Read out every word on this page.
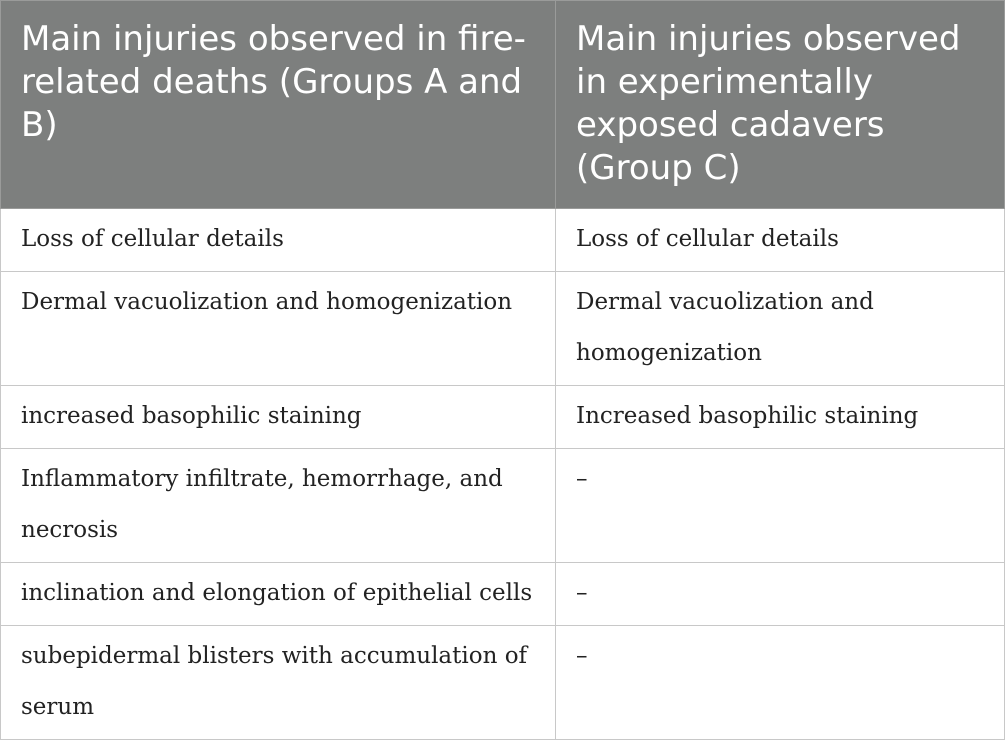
Main injuries observed in fire-related deaths (Groups A and B)	Main injuries observed in experimentally exposed cadavers (Group C)
Loss of cellular details	Loss of cellular details
Dermal vacuolization and homogenization	Dermal vacuolization and homogenization
increased basophilic staining	Increased basophilic staining
Inflammatory infiltrate, hemorrhage, and necrosis	–
inclination and elongation of epithelial cells	–
subepidermal blisters with accumulation of serum	–
